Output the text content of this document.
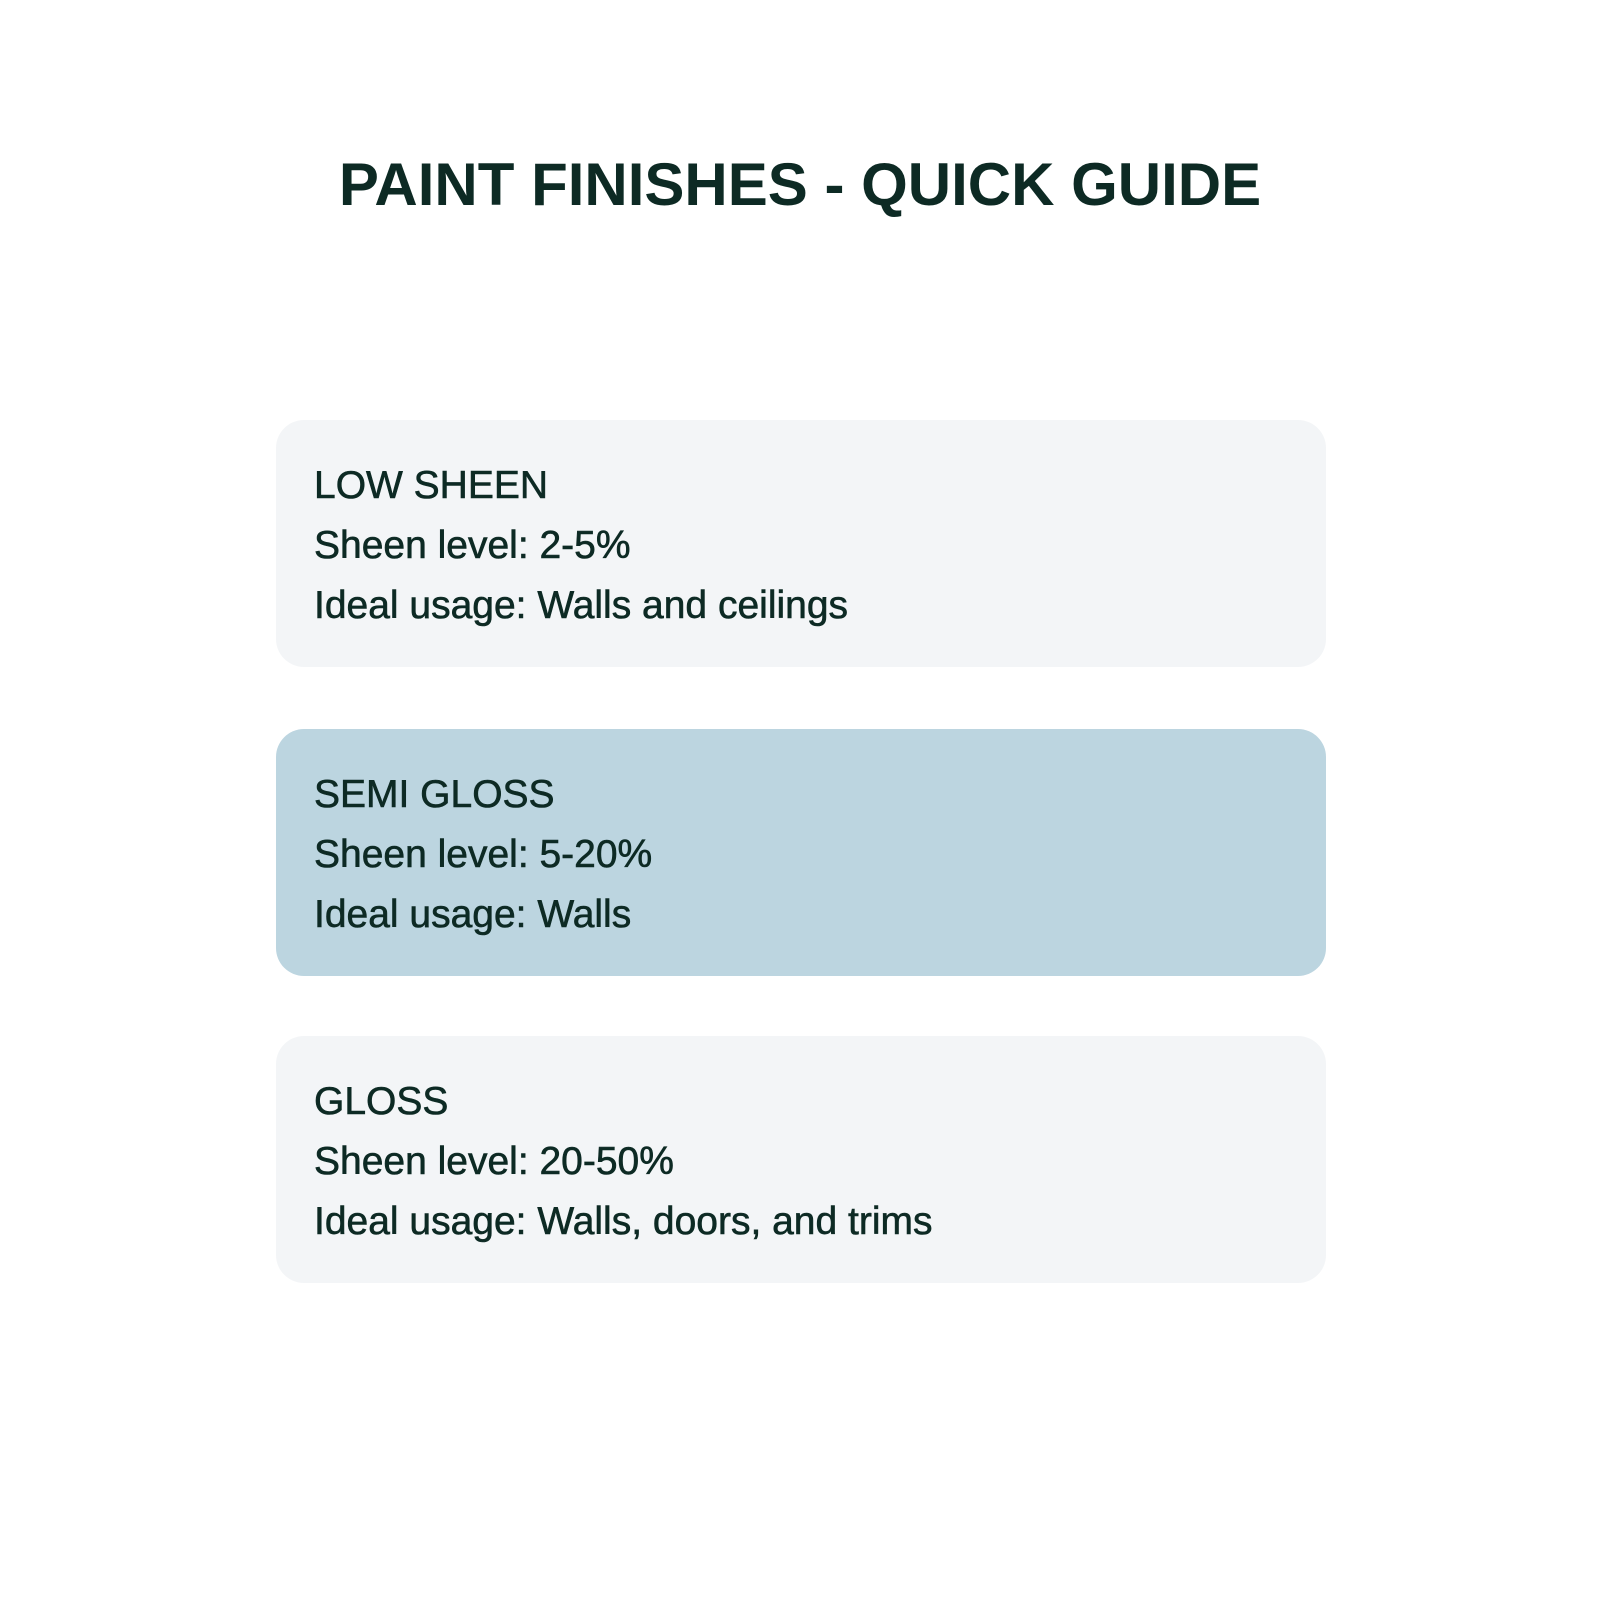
PAINT FINISHES - QUICK GUIDE
LOW SHEEN
Sheen level: 2-5%
Ideal usage: Walls and ceilings
SEMI GLOSS
Sheen level: 5-20%
Ideal usage: Walls
GLOSS
Sheen level: 20-50%
Ideal usage: Walls, doors, and trims
